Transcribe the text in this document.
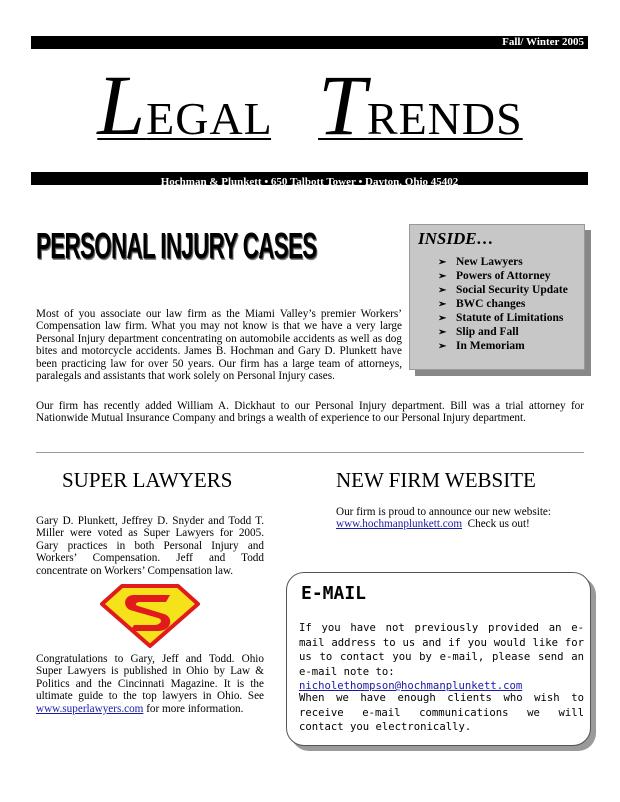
Fall/ Winter 2005
LEGAL TRENDS
Hochman & Plunkett • 650 Talbott Tower • Dayton, Ohio 45402
PERSONAL INJURY CASES	INSIDE…
➢ New Lawyers
➢ Powers of Attorney
➢ Social Security Update
➢ BWC changes
➢ Statute of Limitations
➢ Slip and Fall
➢ In Memoriam
Most of you associate our law firm as the Miami Valley’s premier Workers’ Compensation law firm. What you may not know is that we have a very large Personal Injury department concentrating on automobile accidents as well as dog bites and motorcycle accidents. James B. Hochman and Gary D. Plunkett have been practicing law for over 50 years. Our firm has a large team of attorneys, paralegals and assistants that work solely on Personal Injury cases.
Our firm has recently added William A. Dickhaut to our Personal Injury department. Bill was a trial attorney for Nationwide Mutual Insurance Company and brings a wealth of experience to our Personal Injury department.
SUPER LAWYERS
Gary D. Plunkett, Jeffrey D. Snyder and Todd T. Miller were voted as Super Lawyers for 2005. Gary practices in both Personal Injury and Workers’ Compensation. Jeff and Todd concentrate on Workers’ Compensation law.
Congratulations to Gary, Jeff and Todd. Ohio Super Lawyers is published in Ohio by Law & Politics and the Cincinnati Magazine. It is the ultimate guide to the top lawyers in Ohio. See www.superlawyers.com for more information.
NEW FIRM WEBSITE
Our firm is proud to announce our new website:
www.hochmanplunkett.com Check us out!
E-MAIL
If you have not previously provided an e-mail address to us and if you would like for us to contact you by e-mail, please send an e-mail note to:
nicholethompson@hochmanplunkett.com
When we have enough clients who wish to receive e-mail communications we will contact you electronically.
